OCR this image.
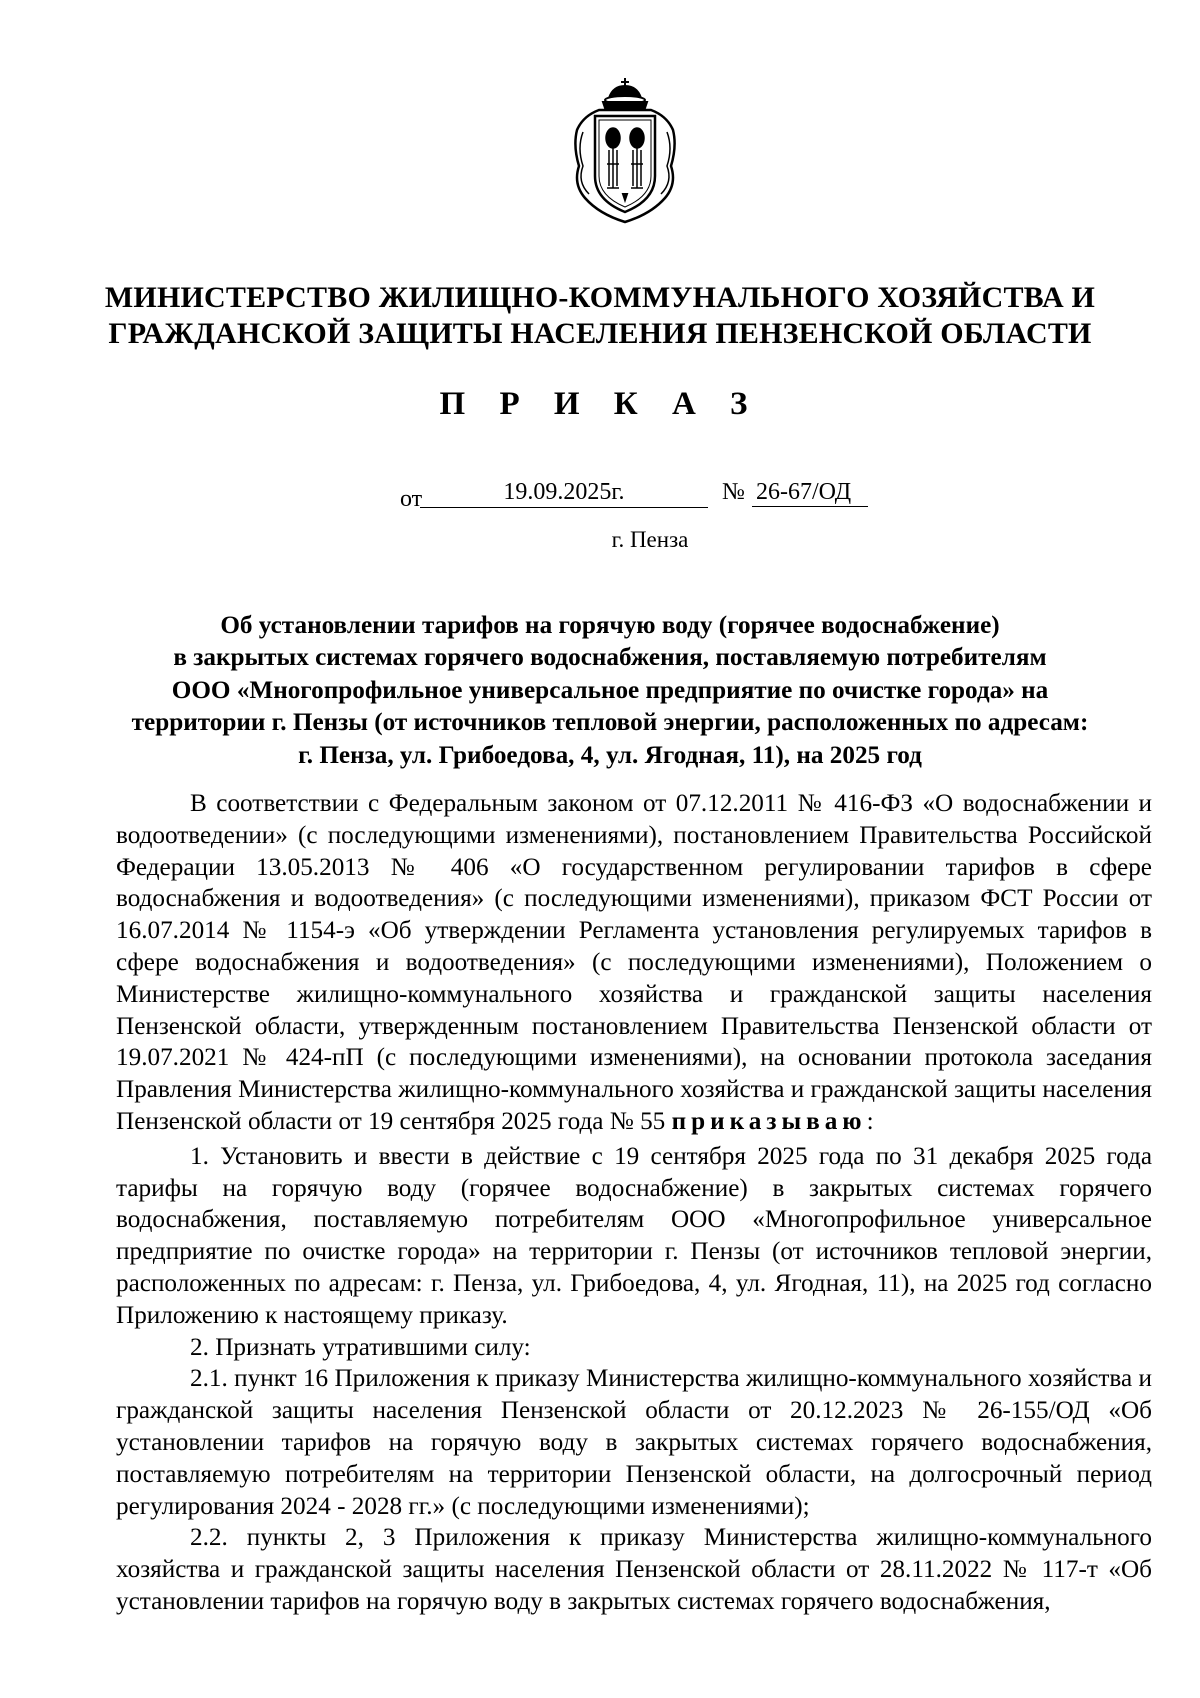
МИНИСТЕРСТВО ЖИЛИЩНО-КОММУНАЛЬНОГО ХОЗЯЙСТВА И
ГРАЖДАНСКОЙ ЗАЩИТЫ НАСЕЛЕНИЯ ПЕНЗЕНСКОЙ ОБЛАСТИ
П Р И К А З
от	19.09.2025г.	№ 26-67/ОД
г. Пенза
Об установлении тарифов на горячую воду (горячее водоснабжение)
в закрытых системах горячего водоснабжения, поставляемую потребителям
ООО «Многопрофильное универсальное предприятие по очистке города» на
территории г. Пензы (от источников тепловой энергии, расположенных по адресам:
г. Пенза, ул. Грибоедова, 4, ул. Ягодная, 11), на 2025 год

В соответствии с Федеральным законом от 07.12.2011 № 416-ФЗ «О водоснабжении и водоотведении» (с последующими изменениями), постановлением Правительства Российской Федерации 13.05.2013 № 406 «О государственном регулировании тарифов в сфере водоснабжения и водоотведения» (с последующими изменениями), приказом ФСТ России от 16.07.2014 № 1154-э «Об утверждении Регламента установления регулируемых тарифов в сфере водоснабжения и водоотведения» (с последующими изменениями), Положением о Министерстве жилищно-коммунального хозяйства и гражданской защиты населения Пензенской области, утвержденным постановлением Правительства Пензенской области от 19.07.2021 № 424-пП (с последующими изменениями), на основании протокола заседания Правления Министерства жилищно-коммунального хозяйства и гражданской защиты населения Пензенской области от 19 сентября 2025 года № 55 приказываю:

1. Установить и ввести в действие с 19 сентября 2025 года по 31 декабря 2025 года тарифы на горячую воду (горячее водоснабжение) в закрытых системах горячего водоснабжения, поставляемую потребителям ООО «Многопрофильное универсальное предприятие по очистке города» на территории г. Пензы (от источников тепловой энергии, расположенных по адресам: г. Пенза, ул. Грибоедова, 4, ул. Ягодная, 11), на 2025 год согласно Приложению к настоящему приказу.

2. Признать утратившими силу:

2.1. пункт 16 Приложения к приказу Министерства жилищно-коммунального хозяйства и гражданской защиты населения Пензенской области от 20.12.2023 № 26-155/ОД «Об установлении тарифов на горячую воду в закрытых системах горячего водоснабжения, поставляемую потребителям на территории Пензенской области, на долгосрочный период регулирования 2024 - 2028 гг.» (с последующими изменениями);

2.2. пункты 2, 3 Приложения к приказу Министерства жилищно-коммунального хозяйства и гражданской защиты населения Пензенской области от 28.11.2022 № 117-т «Об установлении тарифов на горячую воду в закрытых системах горячего водоснабжения,
